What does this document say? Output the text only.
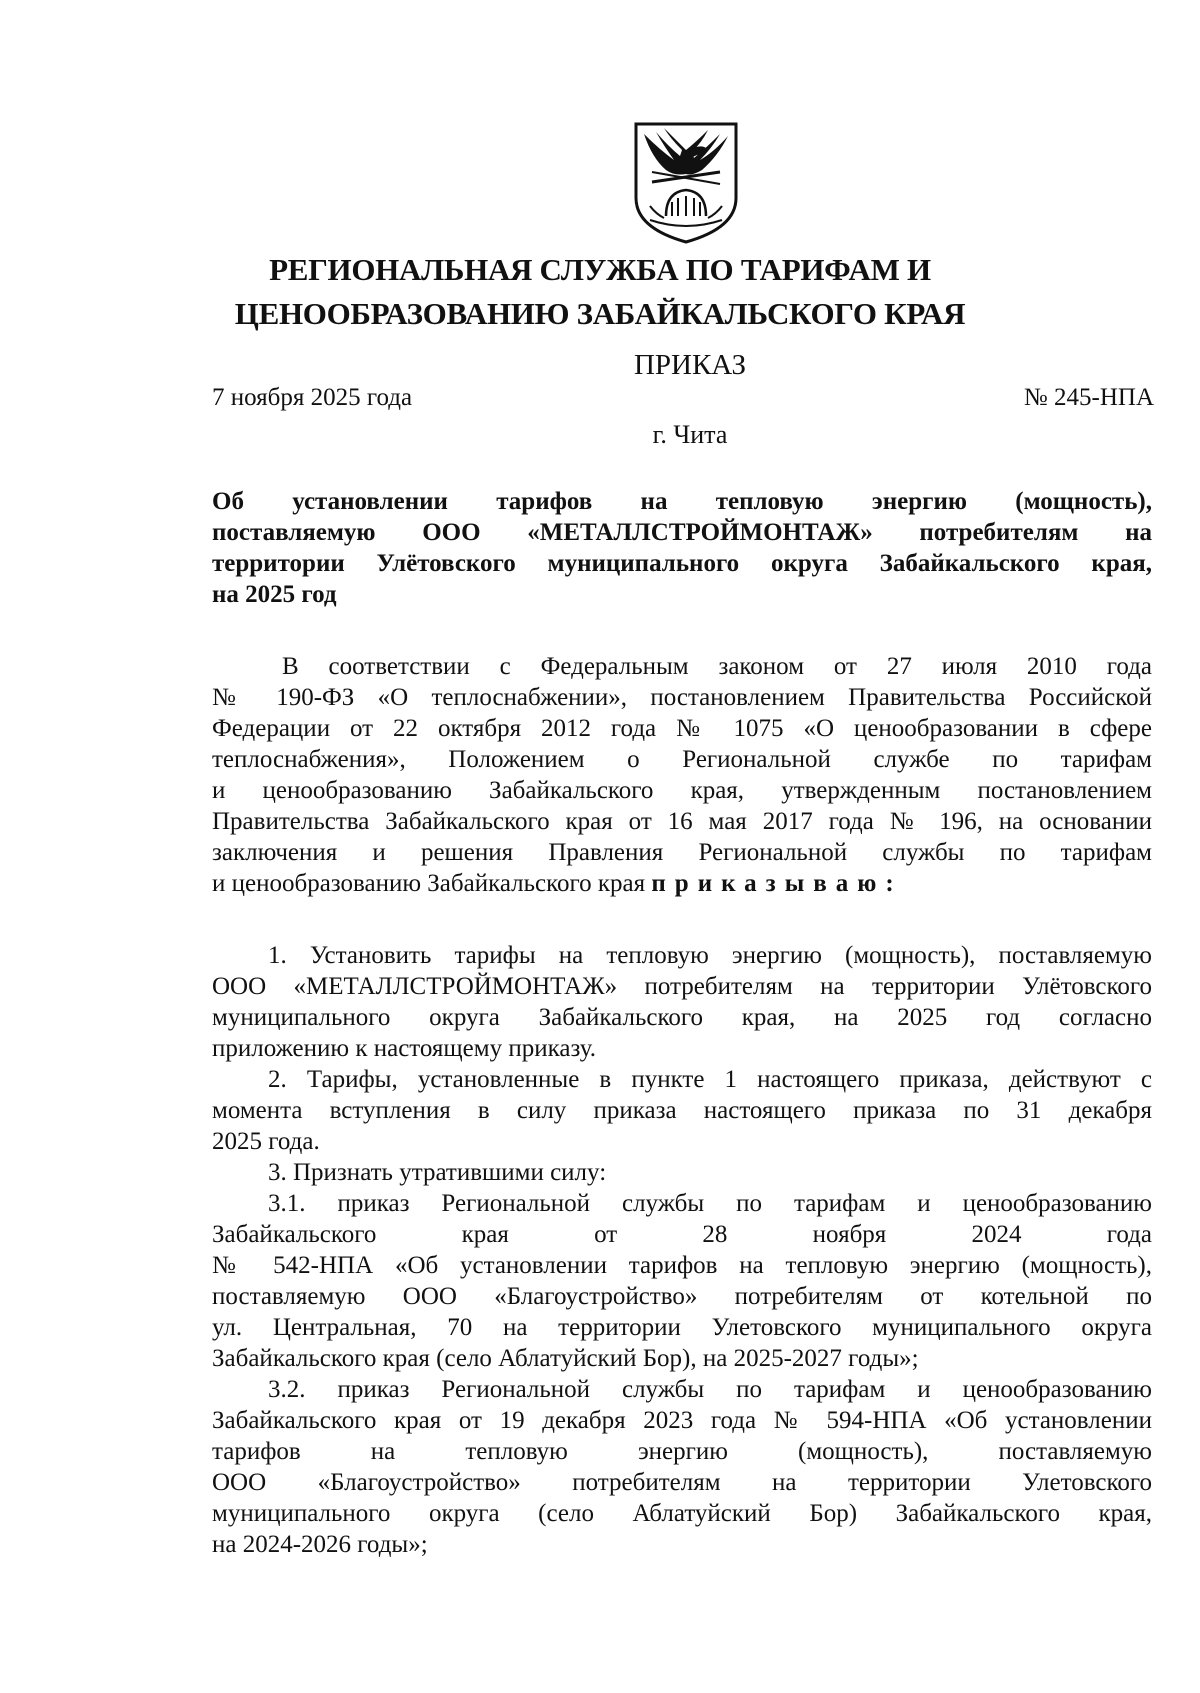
РЕГИОНАЛЬНАЯ СЛУЖБА ПО ТАРИФАМ И
ЦЕНООБРАЗОВАНИЮ ЗАБАЙКАЛЬСКОГО КРАЯ
ПРИКАЗ
7 ноября 2025 года	№ 245-НПА
г. Чита
Об установлении тарифов на тепловую энергию (мощность),
поставляемую ООО «МЕТАЛЛСТРОЙМОНТАЖ» потребителям на
территории Улётовского муниципального округа Забайкальского края,
на 2025 год
В соответствии с Федеральным законом от 27 июля 2010 года
№ 190-ФЗ «О теплоснабжении», постановлением Правительства Российской
Федерации от 22 октября 2012 года № 1075 «О ценообразовании в сфере
теплоснабжения», Положением о Региональной службе по тарифам
и ценообразованию Забайкальского края, утвержденным постановлением
Правительства Забайкальского края от 16 мая 2017 года № 196, на основании
заключения и решения Правления Региональной службы по тарифам
и ценообразованию Забайкальского края приказываю:
1. Установить тарифы на тепловую энергию (мощность), поставляемую
ООО «МЕТАЛЛСТРОЙМОНТАЖ» потребителям на территории Улётовского
муниципального округа Забайкальского края, на 2025 год согласно
приложению к настоящему приказу.
2. Тарифы, установленные в пункте 1 настоящего приказа, действуют с
момента вступления в силу приказа настоящего приказа по 31 декабря
2025 года.
3. Признать утратившими силу:
3.1. приказ Региональной службы по тарифам и ценообразованию
Забайкальского края от 28 ноября 2024 года
№ 542-НПА «Об установлении тарифов на тепловую энергию (мощность),
поставляемую ООО «Благоустройство» потребителям от котельной по
ул. Центральная, 70 на территории Улетовского муниципального округа
Забайкальского края (село Аблатуйский Бор), на 2025-2027 годы»;
3.2. приказ Региональной службы по тарифам и ценообразованию
Забайкальского края от 19 декабря 2023 года № 594-НПА «Об установлении
тарифов на тепловую энергию (мощность), поставляемую
ООО «Благоустройство» потребителям на территории Улетовского
муниципального округа (село Аблатуйский Бор) Забайкальского края,
на 2024-2026 годы»;
